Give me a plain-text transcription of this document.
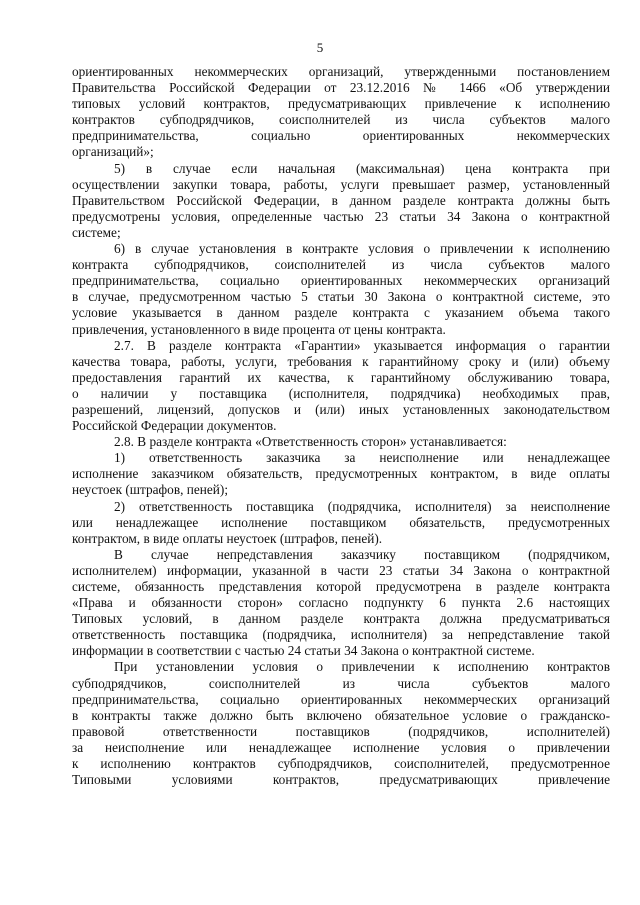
5
ориентированных некоммерческих организаций, утвержденными постановлением
Правительства Российской Федерации от 23.12.2016 № 1466 «Об утверждении
типовых условий контрактов, предусматривающих привлечение к исполнению
контрактов субподрядчиков, соисполнителей из числа субъектов малого
предпринимательства, социально ориентированных некоммерческих
организаций»;
5) в случае если начальная (максимальная) цена контракта при
осуществлении закупки товара, работы, услуги превышает размер, установленный
Правительством Российской Федерации, в данном разделе контракта должны быть
предусмотрены условия, определенные частью 23 статьи 34 Закона о контрактной
системе;
6) в случае установления в контракте условия о привлечении к исполнению
контракта субподрядчиков, соисполнителей из числа субъектов малого
предпринимательства, социально ориентированных некоммерческих организаций
в случае, предусмотренном частью 5 статьи 30 Закона о контрактной системе, это
условие указывается в данном разделе контракта с указанием объема такого
привлечения, установленного в виде процента от цены контракта.
2.7. В разделе контракта «Гарантии» указывается информация о гарантии
качества товара, работы, услуги, требования к гарантийному сроку и (или) объему
предоставления гарантий их качества, к гарантийному обслуживанию товара,
о наличии у поставщика (исполнителя, подрядчика) необходимых прав,
разрешений, лицензий, допусков и (или) иных установленных законодательством
Российской Федерации документов.
2.8. В разделе контракта «Ответственность сторон» устанавливается:
1) ответственность заказчика за неисполнение или ненадлежащее
исполнение заказчиком обязательств, предусмотренных контрактом, в виде оплаты
неустоек (штрафов, пеней);
2) ответственность поставщика (подрядчика, исполнителя) за неисполнение
или ненадлежащее исполнение поставщиком обязательств, предусмотренных
контрактом, в виде оплаты неустоек (штрафов, пеней).
В случае непредставления заказчику поставщиком (подрядчиком,
исполнителем) информации, указанной в части 23 статьи 34 Закона о контрактной
системе, обязанность представления которой предусмотрена в разделе контракта
«Права и обязанности сторон» согласно подпункту 6 пункта 2.6 настоящих
Типовых условий, в данном разделе контракта должна предусматриваться
ответственность поставщика (подрядчика, исполнителя) за непредставление такой
информации в соответствии с частью 24 статьи 34 Закона о контрактной системе.
При установлении условия о привлечении к исполнению контрактов
субподрядчиков, соисполнителей из числа субъектов малого
предпринимательства, социально ориентированных некоммерческих организаций
в контракты также должно быть включено обязательное условие о гражданско-
правовой ответственности поставщиков (подрядчиков, исполнителей)
за неисполнение или ненадлежащее исполнение условия о привлечении
к исполнению контрактов субподрядчиков, соисполнителей, предусмотренное
Типовыми условиями контрактов, предусматривающих привлечение
